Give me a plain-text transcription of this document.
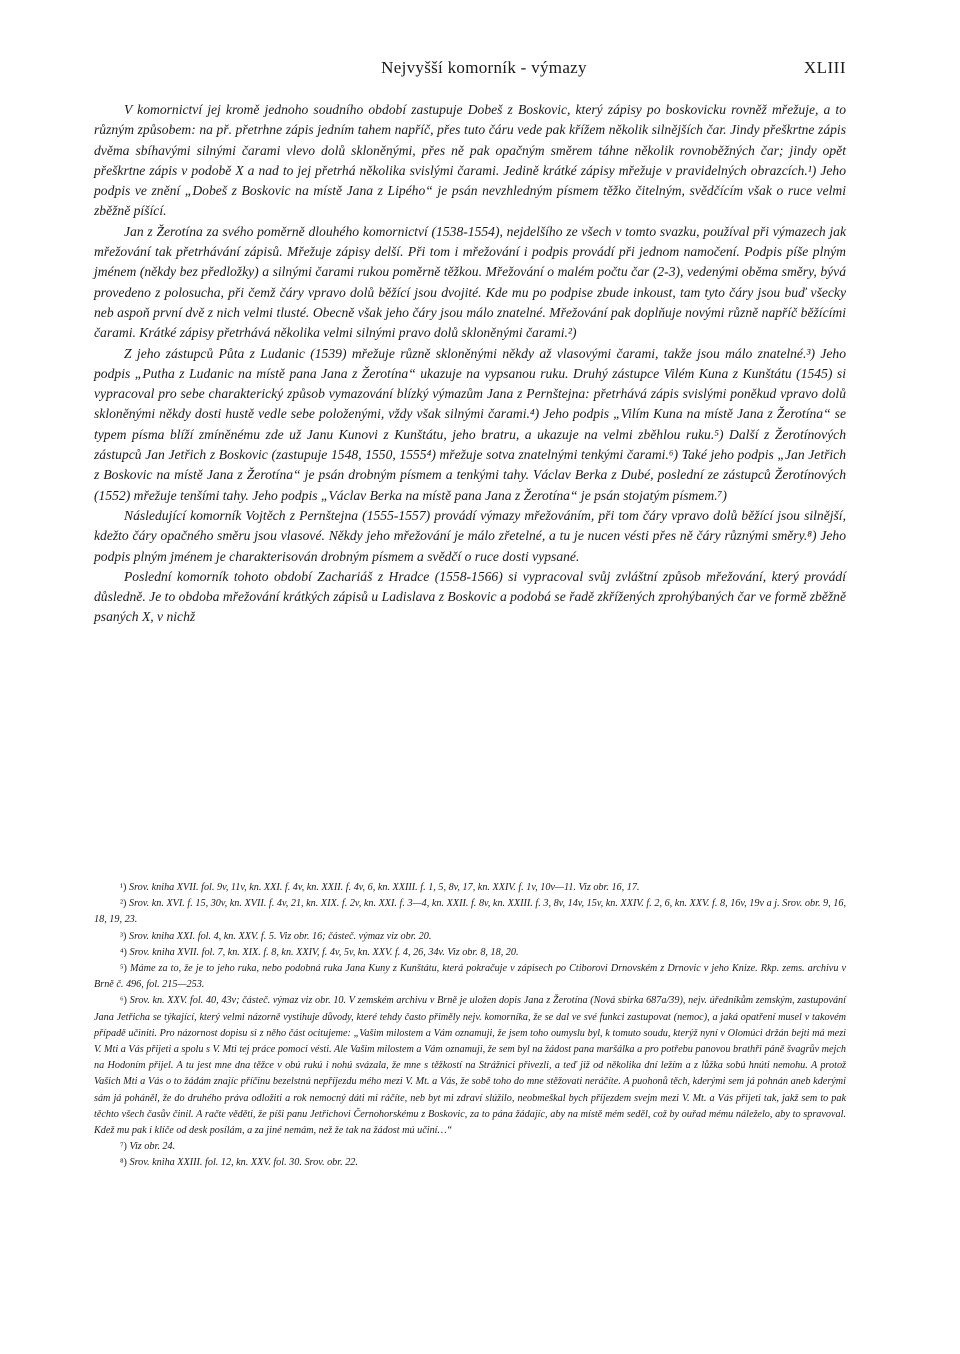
Nejvyšší komorník - výmazy	XLIII

V komornictví jej kromě jednoho soudního období zastupuje Dobeš z Boskovic, který zápisy po boskovicku rovněž mřežuje, a to různým způsobem: na př. přetrhne zápis jedním tahem napříč, přes tuto čáru vede pak křížem několik silnějších čar. Jindy přeškrtne zápis dvěma sbíhavými silnými čarami vlevo dolů skloněnými, přes ně pak opačným směrem táhne několik rovnoběžných čar; jindy opět přeškrtne zápis v podobě X a nad to jej přetrhá několika svislými čarami. Jedině krátké zápisy mřežuje v pravidelných obrazcích.¹) Jeho podpis ve znění „Dobeš z Boskovic na místě Jana z Lipého“ je psán nevzhledným písmem těžko čitelným, svědčícím však o ruce velmi zběžně píšící.

Jan z Žerotína za svého poměrně dlouhého komornictví (1538-1554), nejdelšího ze všech v tomto svazku, používal při výmazech jak mřežování tak přetrhávání zápisů. Mřežuje zápisy delší. Při tom i mřežování i podpis provádí při jednom namočení. Podpis píše plným jménem (někdy bez předložky) a silnými čarami rukou poměrně těžkou. Mřežování o malém počtu čar (2-3), vedenými oběma směry, bývá provedeno z polosucha, při čemž čáry vpravo dolů běžící jsou dvojité. Kde mu po podpise zbude inkoust, tam tyto čáry jsou buď všecky neb aspoň první dvě z nich velmi tlusté. Obecně však jeho čáry jsou málo znatelné. Mřežování pak doplňuje novými různě napříč běžícími čarami. Krátké zápisy přetrhává několika velmi silnými pravo dolů skloněnými čarami.²)

Z jeho zástupců Půta z Ludanic (1539) mřežuje různě skloněnými někdy až vlasovými čarami, takže jsou málo znatelné.³) Jeho podpis „Putha z Ludanic na místě pana Jana z Žerotína“ ukazuje na vypsanou ruku. Druhý zástupce Vilém Kuna z Kunštátu (1545) si vypracoval pro sebe charakterický způsob vymazování blízký výmazům Jana z Pernštejna: přetrhává zápis svislými poněkud vpravo dolů skloněnými někdy dosti hustě vedle sebe položenými, vždy však silnými čarami.⁴) Jeho podpis „Vilím Kuna na místě Jana z Žerotína“ se typem písma blíží zmíněnému zde už Janu Kunovi z Kunštátu, jeho bratru, a ukazuje na velmi zběhlou ruku.⁵) Další z Žerotínových zástupců Jan Jetřich z Boskovic (zastupuje 1548, 1550, 1555⁴) mřežuje sotva znatelnými tenkými čarami.⁶) Také jeho podpis „Jan Jetřich z Boskovic na místě Jana z Žerotína“ je psán drobným písmem a tenkými tahy. Václav Berka z Dubé, poslední ze zástupců Žerotínových (1552) mřežuje tenšími tahy. Jeho podpis „Václav Berka na místě pana Jana z Žerotína“ je psán stojatým písmem.⁷)

Následující komorník Vojtěch z Pernštejna (1555-1557) provádí výmazy mřežováním, při tom čáry vpravo dolů běžící jsou silnější, kdežto čáry opačného směru jsou vlasové. Někdy jeho mřežování je málo zřetelné, a tu je nucen vésti přes ně čáry různými směry.⁸) Jeho podpis plným jménem je charakterisován drobným písmem a svědčí o ruce dosti vypsané.

Poslední komorník tohoto období Zachariáš z Hradce (1558-1566) si vypracoval svůj zvláštní způsob mřežování, který provádí důsledně. Je to obdoba mřežování krátkých zápisů u Ladislava z Boskovic a podobá se řadě zkřížených zprohýbaných čar ve formě zběžně psaných X, v nichž

¹) Srov. kniha XVII. fol. 9v, 11v, kn. XXI. f. 4v, kn. XXII. f. 4v, 6, kn. XXIII. f. 1, 5, 8v, 17, kn. XXIV. f. 1v, 10v—11. Viz obr. 16, 17.

²) Srov. kn. XVI. f. 15, 30v, kn. XVII. f. 4v, 21, kn. XIX. f. 2v, kn. XXI. f. 3—4, kn. XXII. f. 8v, kn. XXIII. f. 3, 8v, 14v, 15v, kn. XXIV. f. 2, 6, kn. XXV. f. 8, 16v, 19v a j. Srov. obr. 9, 16, 18, 19, 23.

³) Srov. kniha XXI. fol. 4, kn. XXV. f. 5. Viz obr. 16; částeč. výmaz viz obr. 20.

⁴) Srov. kniha XVII. fol. 7, kn. XIX. f. 8, kn. XXIV, f. 4v, 5v, kn. XXV. f. 4, 26, 34v. Viz obr. 8, 18, 20.

⁵) Máme za to, že je to jeho ruka, nebo podobná ruka Jana Kuny z Kunštátu, která pokračuje v zápisech po Ctiborovi Drnovském z Drnovic v jeho Knize. Rkp. zems. archivu v Brně č. 496, fol. 215—253.

⁶) Srov. kn. XXV. fol. 40, 43v; částeč. výmaz viz obr. 10. V zemském archivu v Brně je uložen dopis Jana z Žerotína (Nová sbírka 687a/39), nejv. úředníkům zemským, zastupování Jana Jetřicha se týkající, který velmi názorně vystihuje důvody, které tehdy často přiměly nejv. komorníka, že se dal ve své funkci zastupovat (nemoc), a jaká opatření musel v takovém případě učiniti. Pro názornost dopisu si z něho část ocitujeme: „Vašim milostem a Vám oznamuji, že jsem toho oumyslu byl, k tomuto soudu, kterýž nyní v Olomúci držán bejti má mezi V. Mti a Vás přijeti a spolu s V. Mti tej práce pomoci vésti. Ale Vašim milostem a Vám oznamuji, že sem byl na žádost pana maršálka a pro potřebu panovou brathři páně švagrův mejch na Hodoním přijel. A tu jest mne dna těžce v obú rukú i nohú svázala, že mne s těžkostí na Strážnici přivezli, a teď již od několika dní ležím a z lůžka sobú hnúti nemohu. A protož Vašich Mti a Vás o to žádám znajíc příčinu bezelstnú nepříjezdu mého mezi V. Mt. a Vás, že sobě toho do mne stěžovati neráčíte. A puohonů těch, kderými sem já pohnán aneb kderými sám já poháněl, že do druhého práva odložiti a rok nemocný dáti mi ráčíte, neb byt mi zdraví slúžilo, neobmeškal bych příjezdem svejm mezi V. Mt. a Vás přijeti tak, jakž sem to pak těchto všech časův činil. A račte věděti, že píši panu Jetřichovi Černohorskému z Boskovic, za to pána žádajíc, aby na místě mém seděl, což by ouřad mému náleželo, aby to spravoval. Kdež mu pak i klíče od desk posílám, a za jiné nemám, než že tak na žádost mú učiní…“

⁷) Viz obr. 24.

⁸) Srov. kniha XXIII. fol. 12, kn. XXV. fol. 30. Srov. obr. 22.
